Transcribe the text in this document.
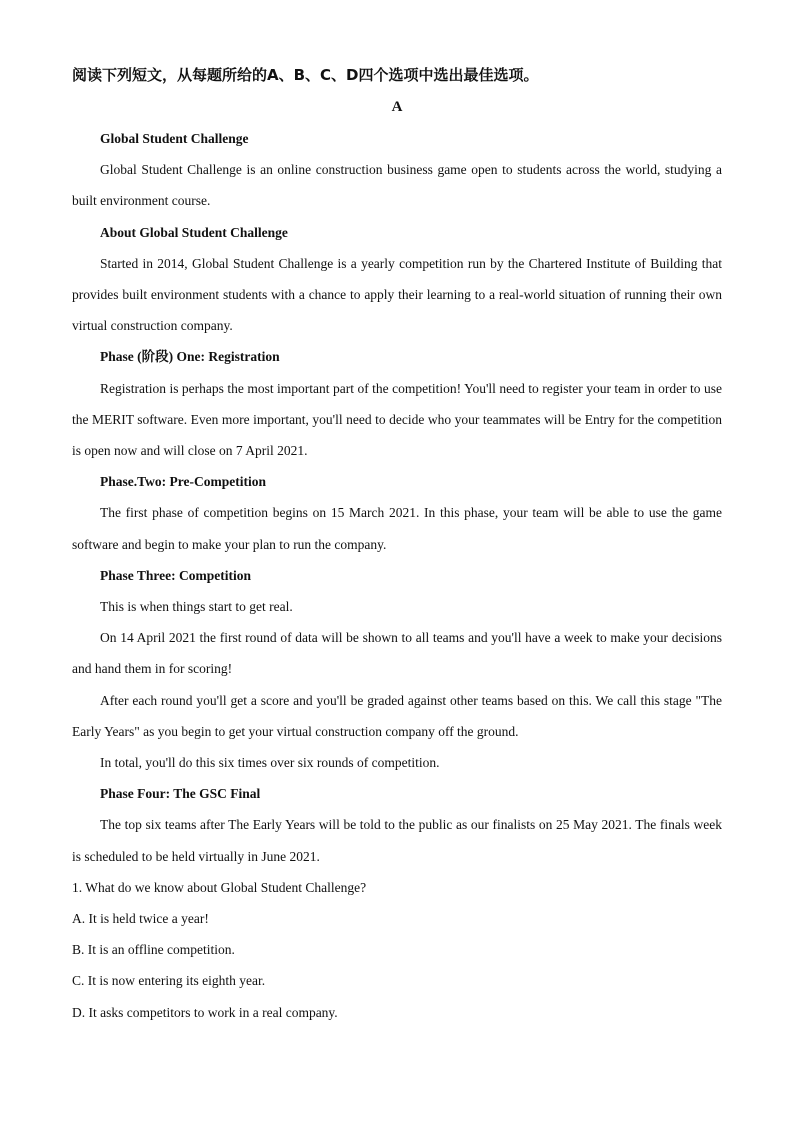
阅读下列短文，从每题所给的A、B、C、D四个选项中选出最佳选项。
A

Global Student Challenge

Global Student Challenge is an online construction business game open to students across the world, studying a built environment course.

About Global Student Challenge

Started in 2014, Global Student Challenge is a yearly competition run by the Chartered Institute of Building that provides built environment students with a chance to apply their learning to a real-world situation of running their own virtual construction company.

Phase (阶段) One: Registration

Registration is perhaps the most important part of the competition! You'll need to register your team in order to use the MERIT software. Even more important, you'll need to decide who your teammates will be Entry for the competition is open now and will close on 7 April 2021.

Phase.Two: Pre-Competition

The first phase of competition begins on 15 March 2021. In this phase, your team will be able to use the game software and begin to make your plan to run the company.

Phase Three: Competition

This is when things start to get real.

On 14 April 2021 the first round of data will be shown to all teams and you'll have a week to make your decisions and hand them in for scoring!

After each round you'll get a score and you'll be graded against other teams based on this. We call this stage "The Early Years" as you begin to get your virtual construction company off the ground.

In total, you'll do this six times over six rounds of competition.

Phase Four: The GSC Final

The top six teams after The Early Years will be told to the public as our finalists on 25 May 2021. The finals week is scheduled to be held virtually in June 2021.

1. What do we know about Global Student Challenge?

A. It is held twice a year!

B. It is an offline competition.

C. It is now entering its eighth year.

D. It asks competitors to work in a real company.
